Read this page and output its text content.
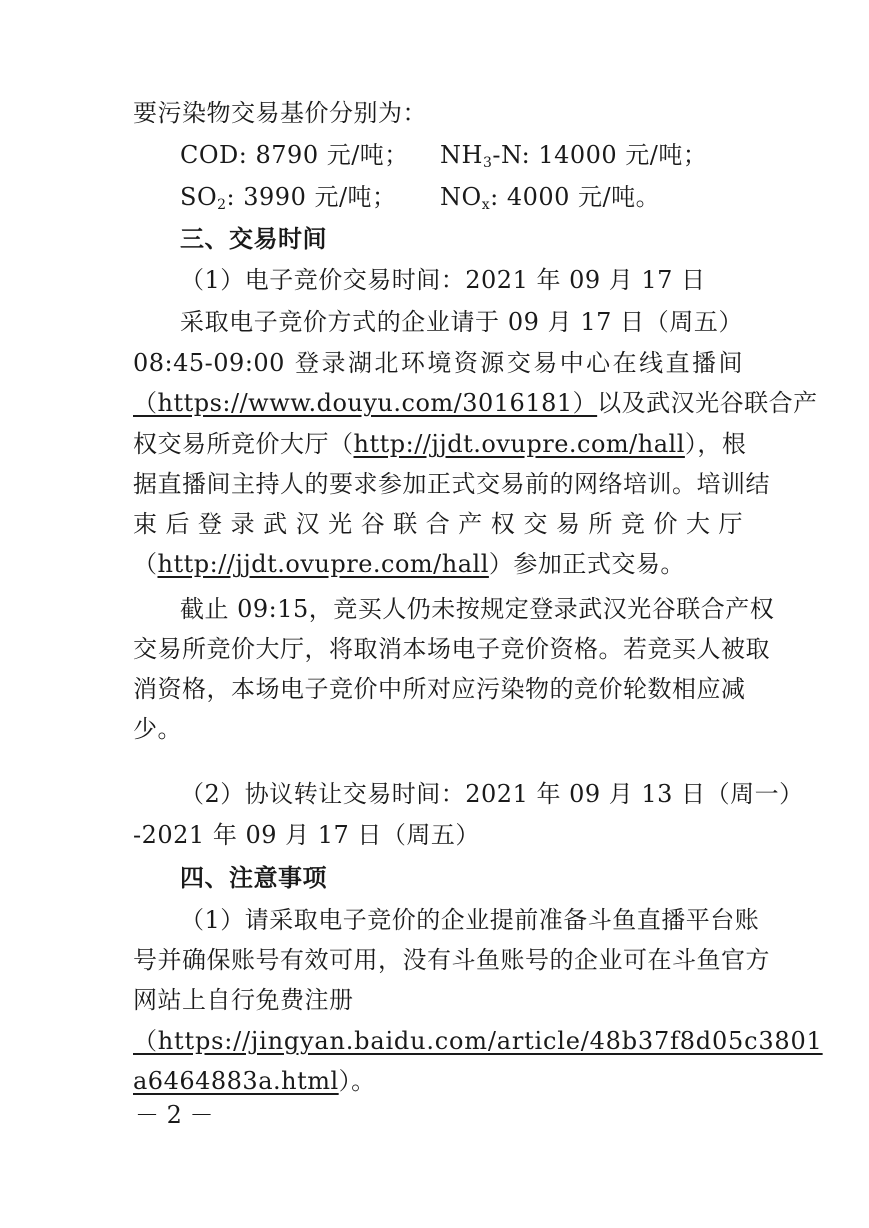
要污染物交易基价分别为：
COD: 8790 元/吨； $NH_3-N$: 14000 元/吨；
$SO_2$: 3990 元/吨； $NO_x$: 4000 元/吨。
三、交易时间
（1）电子竞价交易时间：2021 年 09 月 17 日
采取电子竞价方式的企业请于 09 月 17 日（周五）
08:45-09:00 登录湖北环境资源交易中心在线直播间
（https://www.douyu.com/3016181）以及武汉光谷联合产
权交易所竞价大厅（http://jjdt.ovupre.com/hall），根
据直播间主持人的要求参加正式交易前的网络培训。培训结
束后登录武汉光谷联合产权交易所竞价大厅
（http://jjdt.ovupre.com/hall）参加正式交易。
截止 09:15，竞买人仍未按规定登录武汉光谷联合产权
交易所竞价大厅，将取消本场电子竞价资格。若竞买人被取
消资格，本场电子竞价中所对应污染物的竞价轮数相应减
少。
（2）协议转让交易时间：2021 年 09 月 13 日（周一）
-2021 年 09 月 17 日（周五）
四、注意事项
（1）请采取电子竞价的企业提前准备斗鱼直播平台账
号并确保账号有效可用，没有斗鱼账号的企业可在斗鱼官方
网站上自行免费注册
（https://jingyan.baidu.com/article/48b37f8d05c3801
a6464883a.html）。
－ 2 －
